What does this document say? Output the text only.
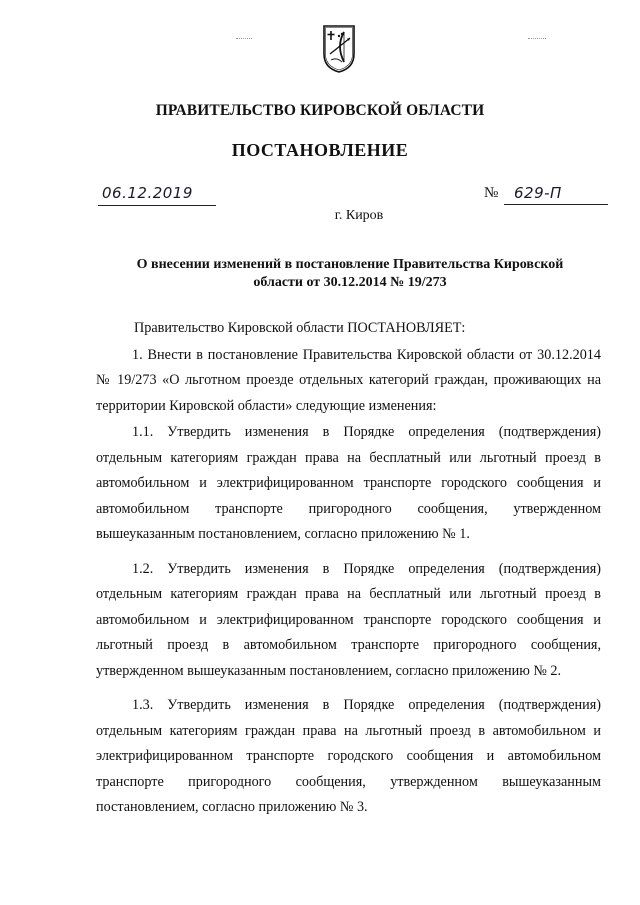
ПРАВИТЕЛЬСТВО КИРОВСКОЙ ОБЛАСТИ
ПОСТАНОВЛЕНИЕ
06.12.2019	№ 629-П
г. Киров
О внесении изменений в постановление Правительства Кировской
области от 30.12.2014 № 19/273

Правительство Кировской области ПОСТАНОВЛЯЕТ:

1. Внести в постановление Правительства Кировской области от 30.12.2014 № 19/273 «О льготном проезде отдельных категорий граждан, проживающих на территории Кировской области» следующие изменения:

1.1. Утвердить изменения в Порядке определения (подтверждения) отдельным категориям граждан права на бесплатный или льготный проезд в автомобильном и электрифицированном транспорте городского сообщения и автомобильном транспорте пригородного сообщения, утвержденном вышеуказанным постановлением, согласно приложению № 1.

1.2. Утвердить изменения в Порядке определения (подтверждения) отдельным категориям граждан права на бесплатный или льготный проезд в автомобильном и электрифицированном транспорте городского сообщения и льготный проезд в автомобильном транспорте пригородного сообщения, утвержденном вышеуказанным постановлением, согласно приложению № 2.

1.3. Утвердить изменения в Порядке определения (подтверждения) отдельным категориям граждан права на льготный проезд в автомобильном и электрифицированном транспорте городского сообщения и автомобильном транспорте пригородного сообщения, утвержденном вышеуказанным постановлением, согласно приложению № 3.
